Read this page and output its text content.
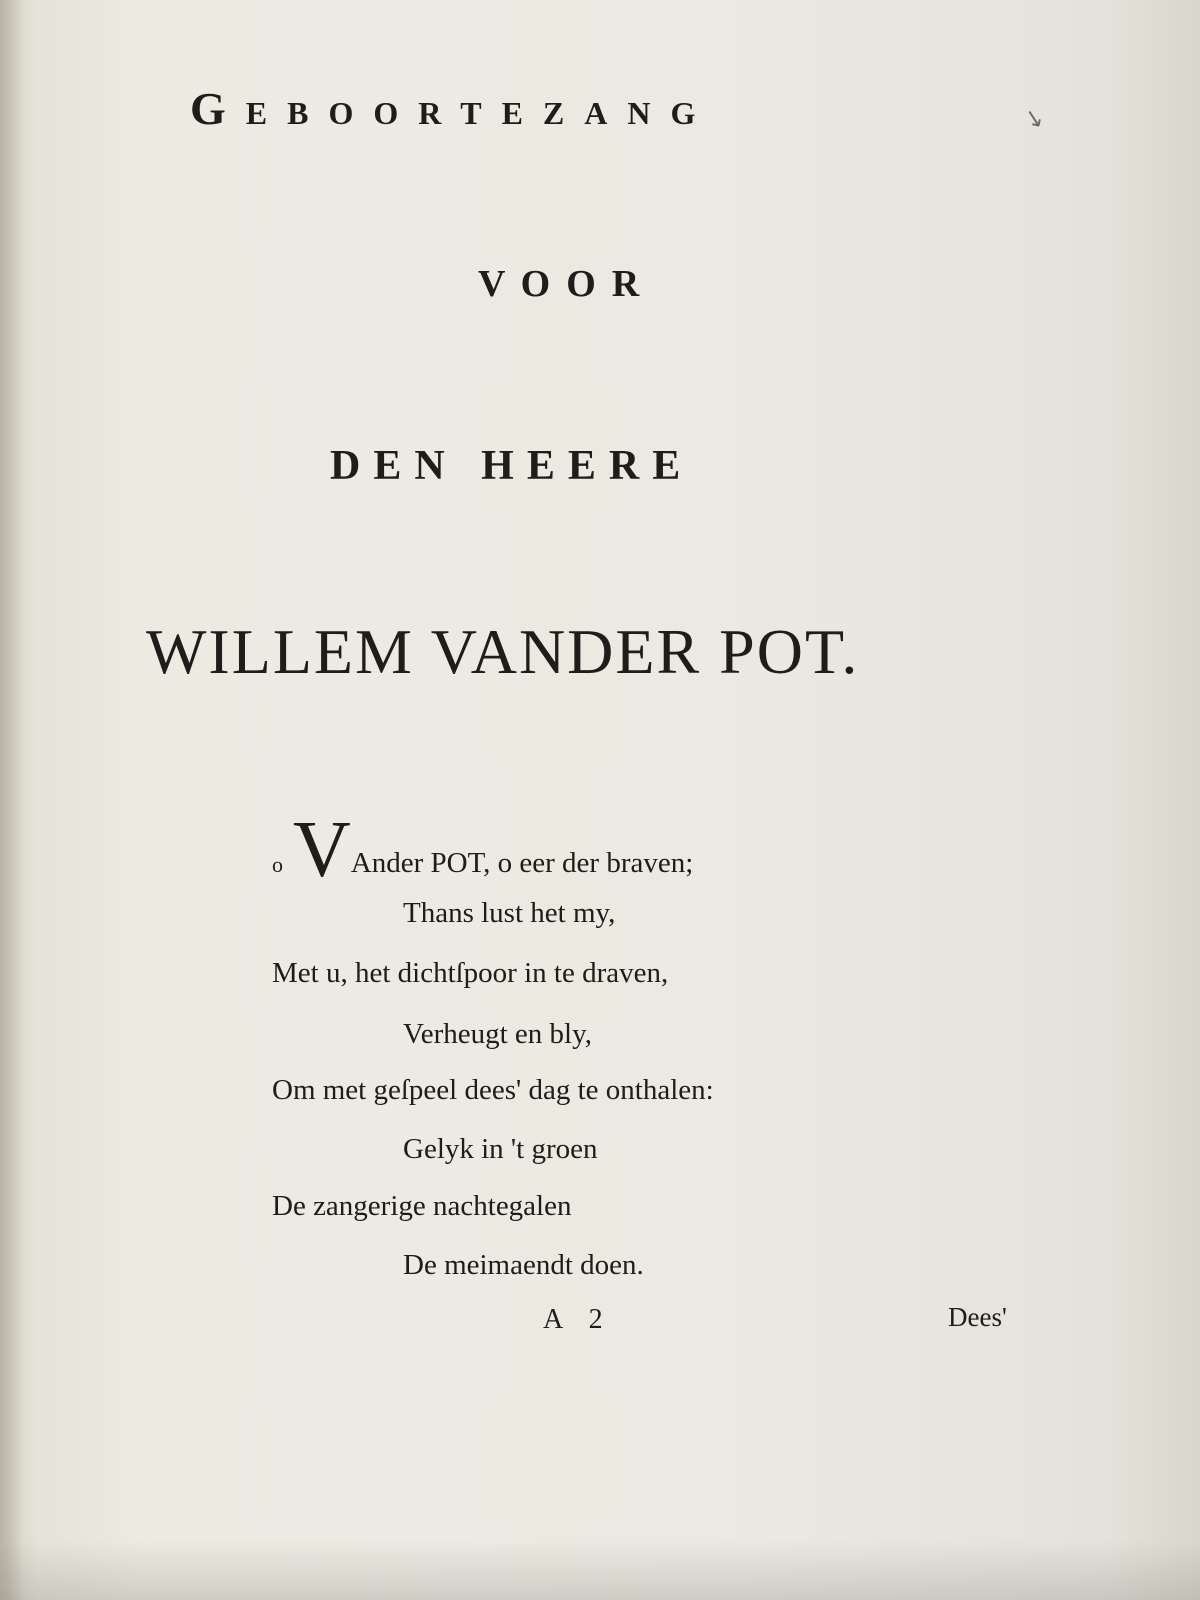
Geboortezang	↘
VOOR
DEN HEERE
WILLEM VANDER POT.
o VAnder POT, o eer der braven;
Thans lust het my,
Met u, het dichtſpoor in te draven,
Verheugt en bly,
Om met geſpeel dees' dag te onthalen:
Gelyk in 't groen
De zangerige nachtegalen
De meimaendt doen.
A 2	Dees'
